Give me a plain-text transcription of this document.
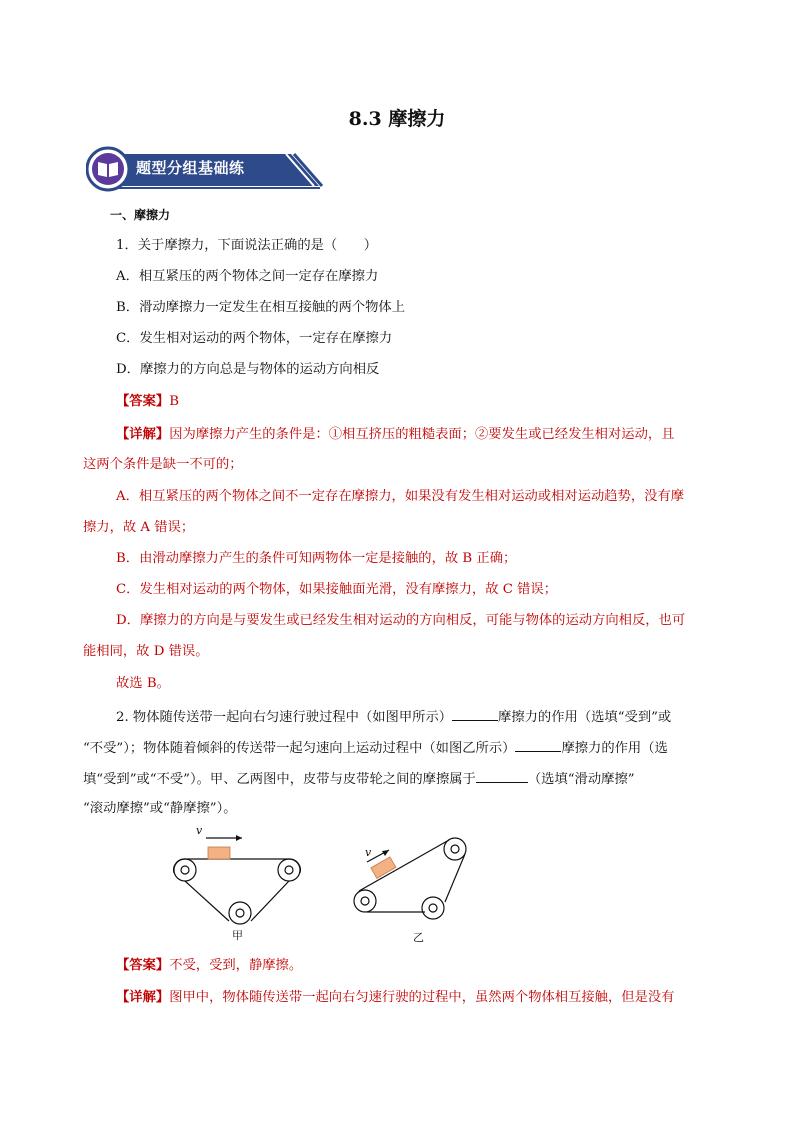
8.3 摩擦力
题型分组基础练
一、摩擦力
1．关于摩擦力，下面说法正确的是（　　）
A．相互紧压的两个物体之间一定存在摩擦力
B．滑动摩擦力一定发生在相互接触的两个物体上
C．发生相对运动的两个物体，一定存在摩擦力
D．摩擦力的方向总是与物体的运动方向相反
【答案】B
【详解】因为摩擦力产生的条件是：①相互挤压的粗糙表面；②要发生或已经发生相对运动，且
这两个条件是缺一不可的；
A．相互紧压的两个物体之间不一定存在摩擦力，如果没有发生相对运动或相对运动趋势，没有摩
擦力，故 A 错误；
B．由滑动摩擦力产生的条件可知两物体一定是接触的，故 B 正确；
C．发生相对运动的两个物体，如果接触面光滑，没有摩擦力，故 C 错误；
D．摩擦力的方向是与要发生或已经发生相对运动的方向相反，可能与物体的运动方向相反，也可
能相同，故 D 错误。
故选 B。
2. 物体随传送带一起向右匀速行驶过程中（如图甲所示）	摩擦力的作用（选填“受到”或
“不受”）；物体随着倾斜的传送带一起匀速向上运动过程中（如图乙所示）	摩擦力的作用（选
填“受到”或“不受”）。甲、乙两图中，皮带与皮带轮之间的摩擦属于	（选填“滑动摩擦”
“滚动摩擦”或“静摩擦”）。
v
甲
v
乙
【答案】不受，受到，静摩擦。
【详解】图甲中，物体随传送带一起向右匀速行驶的过程中，虽然两个物体相互接触，但是没有
